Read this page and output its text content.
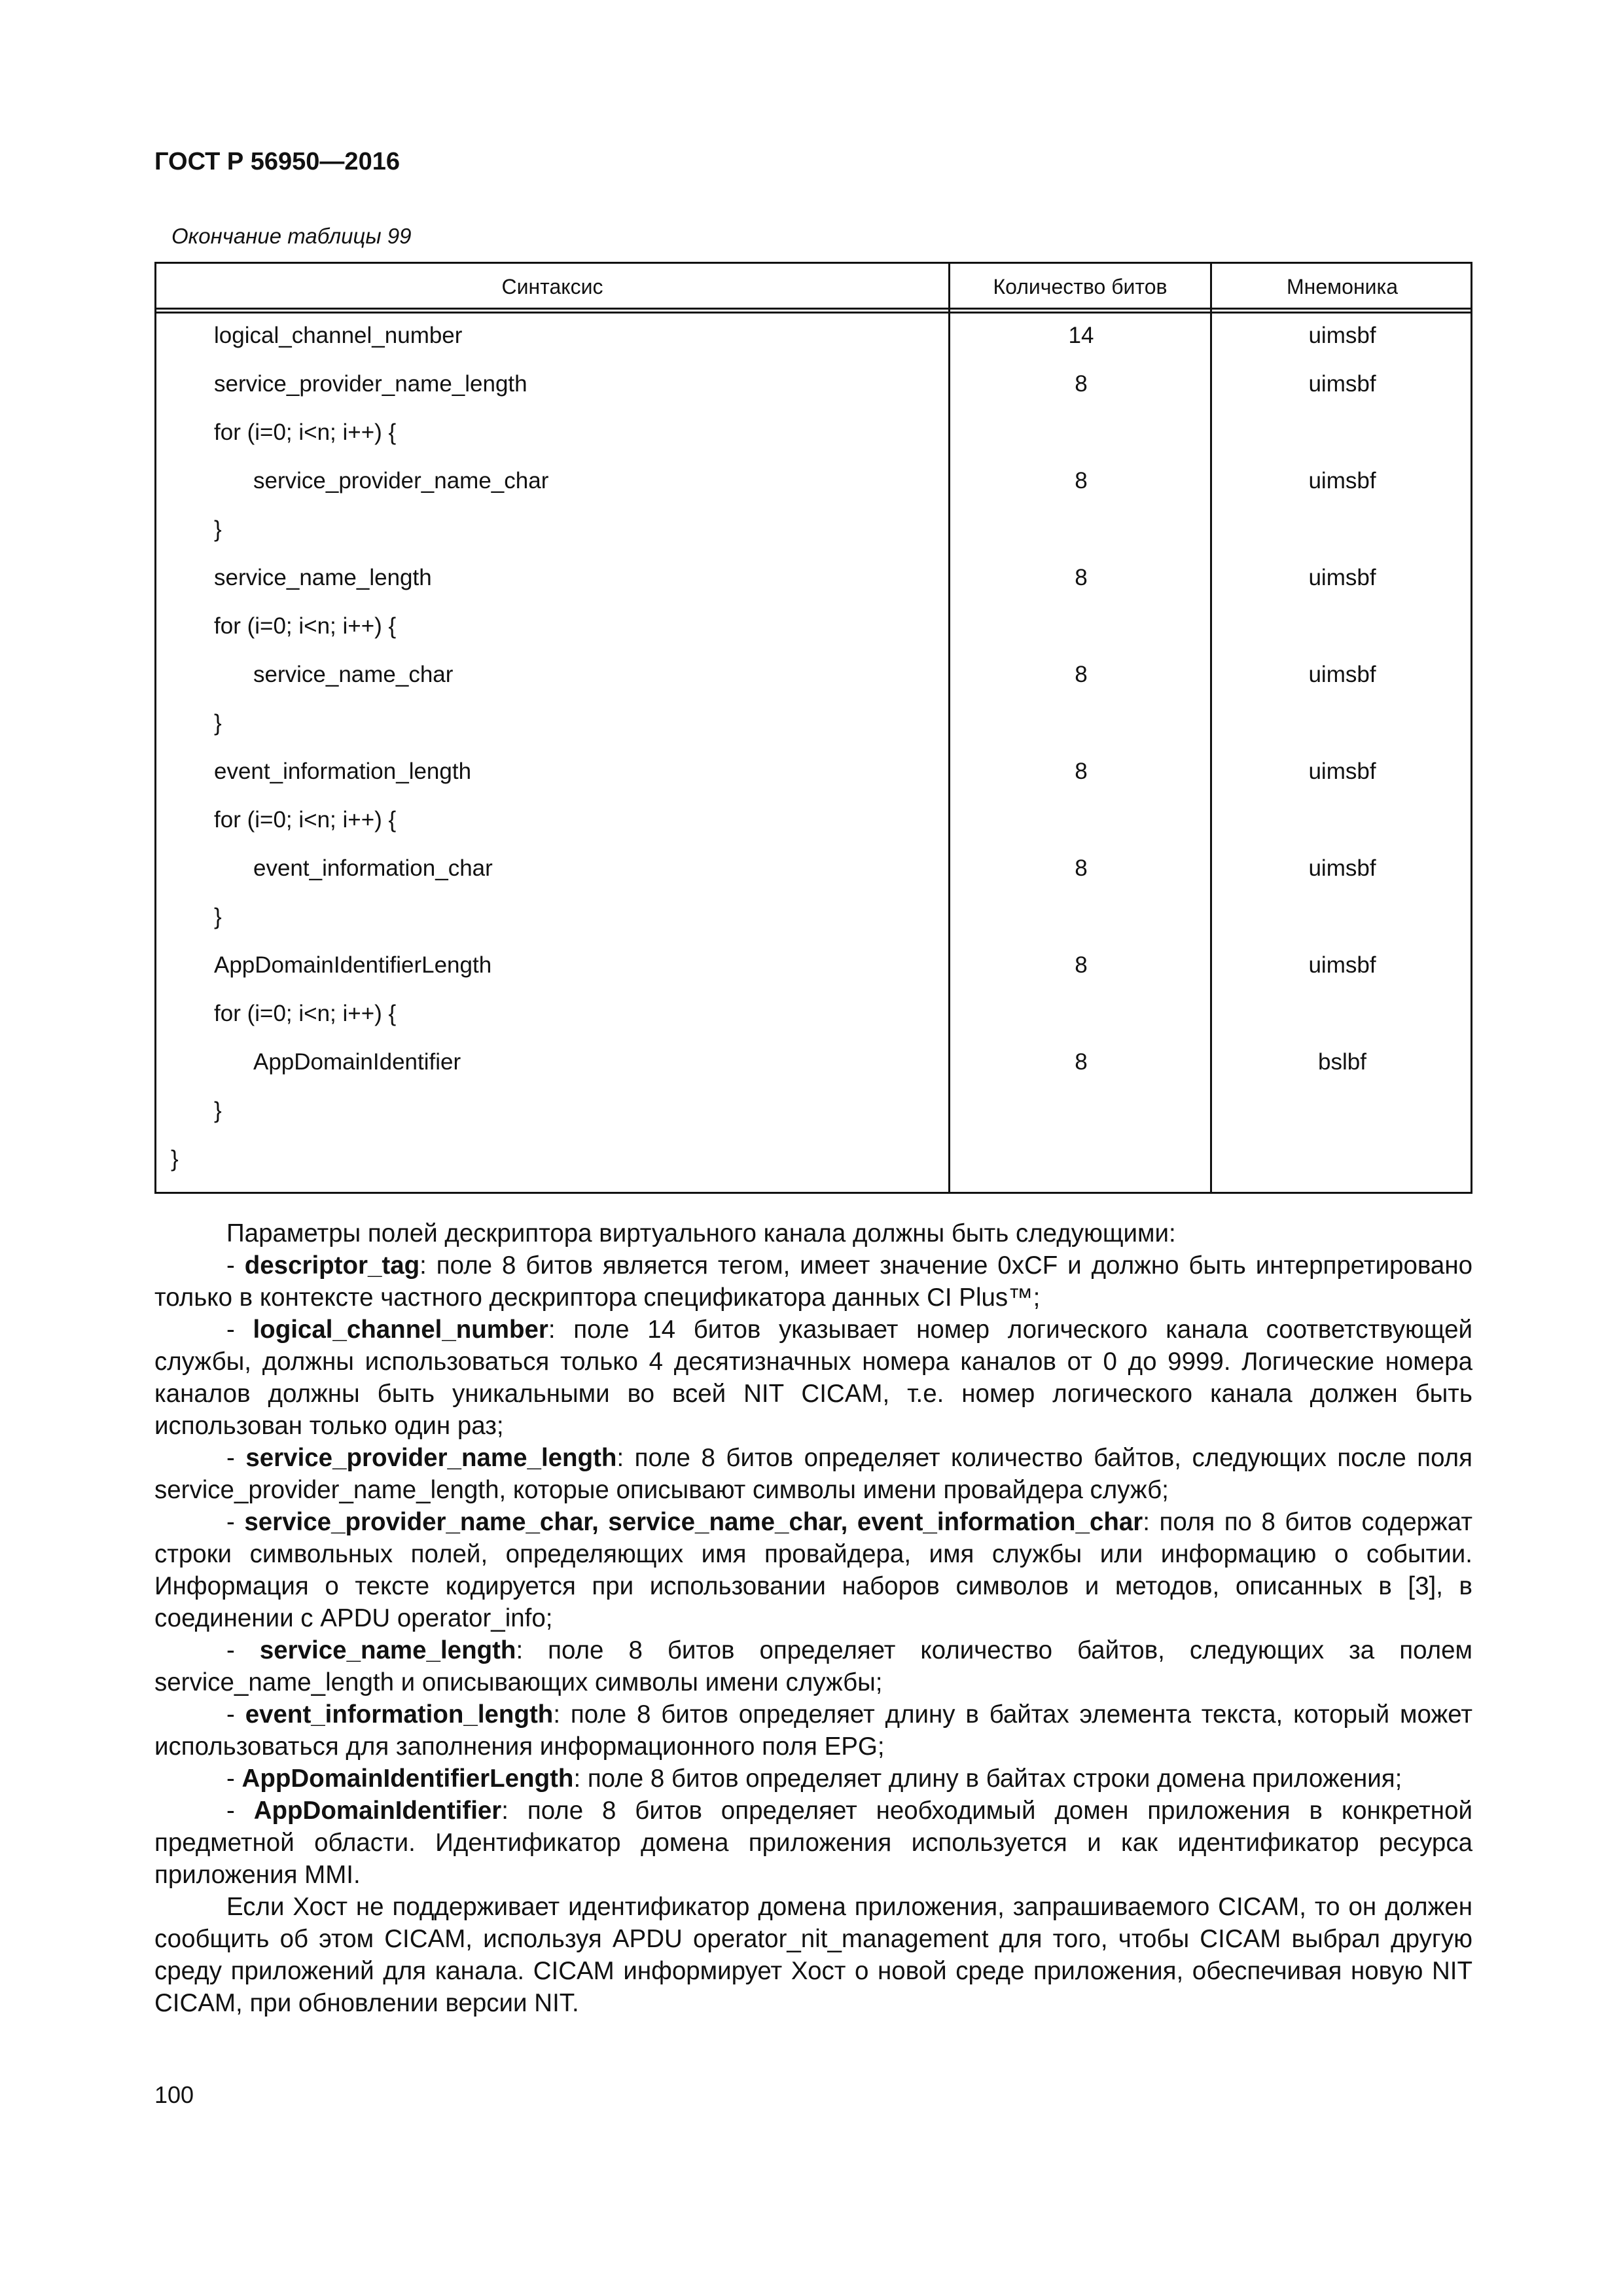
ГОСТ Р 56950—2016
Окончание таблицы 99
Синтаксис	Количество битов	Мнемоника
logical_channel_number	14	uimsbf
service_provider_name_length	8	uimsbf
for (i=0; i<n; i++) {
service_provider_name_char	8	uimsbf
}
service_name_length	8	uimsbf
for (i=0; i<n; i++) {
service_name_char	8	uimsbf
}
event_information_length	8	uimsbf
for (i=0; i<n; i++) {
event_information_char	8	uimsbf
}
AppDomainIdentifierLength	8	uimsbf
for (i=0; i<n; i++) {
AppDomainIdentifier	8	bslbf
}
}

Параметры полей дескриптора виртуального канала должны быть следующими:

- descriptor_tag: поле 8 битов является тегом, имеет значение 0xCF и должно быть интерпретировано только в контексте частного дескриптора спецификатора данных CI Plus™;

- logical_channel_number: поле 14 битов указывает номер логического канала соответствующей службы, должны использоваться только 4 десятизначных номера каналов от 0 до 9999. Логические номера каналов должны быть уникальными во всей NIT CICAM, т.е. номер логического канала должен быть использован только один раз;

- service_provider_name_length: поле 8 битов определяет количество байтов, следующих после поля service_provider_name_length, которые описывают символы имени провайдера служб;

- service_provider_name_char, service_name_char, event_information_char: поля по 8 битов содержат строки символьных полей, определяющих имя провайдера, имя службы или информацию о событии. Информация о тексте кодируется при использовании наборов символов и методов, описанных в [3], в соединении с APDU operator_info;

- service_name_length: поле 8 битов определяет количество байтов, следующих за полем service_name_length и описывающих символы имени службы;

- event_information_length: поле 8 битов определяет длину в байтах элемента текста, который может использоваться для заполнения информационного поля EPG;

- AppDomainIdentifierLength: поле 8 битов определяет длину в байтах строки домена приложения;

- AppDomainIdentifier: поле 8 битов определяет необходимый домен приложения в конкретной предметной области. Идентификатор домена приложения используется и как идентификатор ресурса приложения MMI.

Если Хост не поддерживает идентификатор домена приложения, запрашиваемого CICAM, то он должен сообщить об этом CICAM, используя APDU operator_nit_management для того, чтобы CICAM выбрал другую среду приложений для канала. CICAM информирует Хост о новой среде приложения, обеспечивая новую NIT CICAM, при обновлении версии NIT.

100
